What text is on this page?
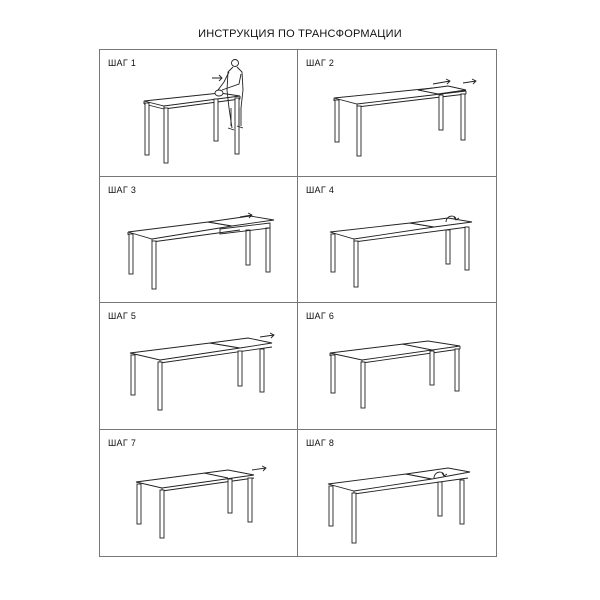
ИНСТРУКЦИЯ ПО ТРАНСФОРМАЦИИ
ШАГ 1	ШАГ 2
ШАГ 3	ШАГ 4
ШАГ 5	ШАГ 6
ШАГ 7	ШАГ 8
